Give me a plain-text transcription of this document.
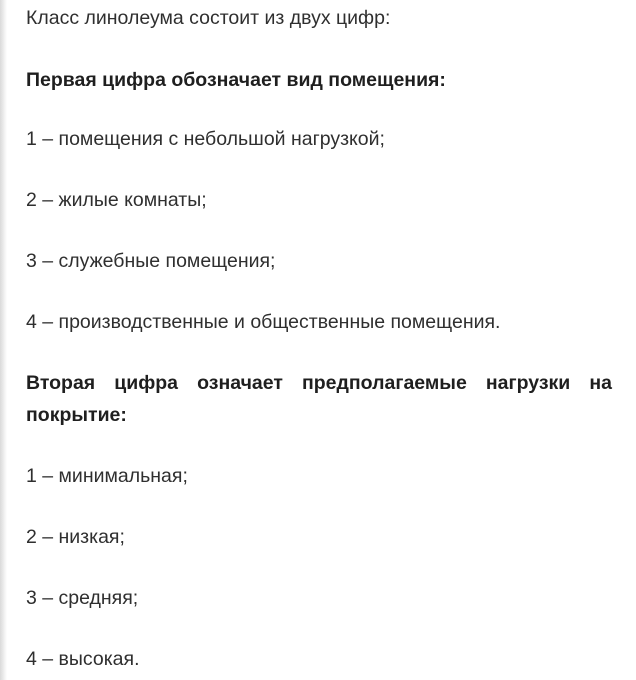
Класс линолеума состоит из двух цифр:
Первая цифра обозначает вид помещения:
1 – помещения с небольшой нагрузкой;
2 – жилые комнаты;
3 – служебные помещения;
4 – производственные и общественные помещения.
Вторая цифра означает предполагаемые нагрузки на
покрытие:
1 – минимальная;
2 – низкая;
3 – средняя;
4 – высокая.
